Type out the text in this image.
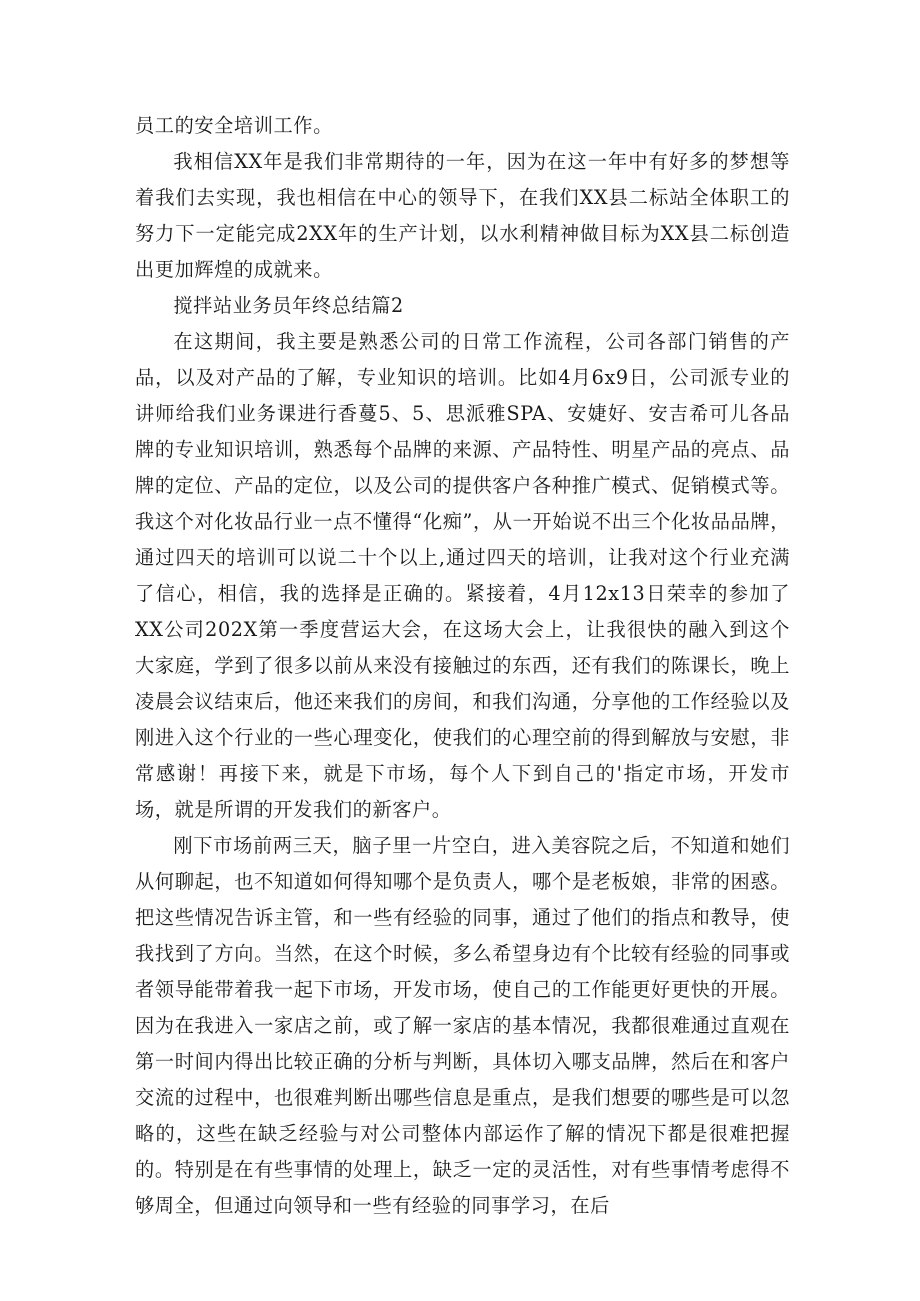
员工的安全培训工作。

我相信XX年是我们非常期待的一年，因为在这一年中有好多的梦想等着我们去实现，我也相信在中心的领导下，在我们XX县二标站全体职工的努力下一定能完成2XX年的生产计划，以水利精神做目标为XX县二标创造出更加辉煌的成就来。

搅拌站业务员年终总结篇2

在这期间，我主要是熟悉公司的日常工作流程，公司各部门销售的产品，以及对产品的了解，专业知识的培训。比如4月6x9日，公司派专业的讲师给我们业务课进行香蔓5、5、思派雅SPA、安婕好、安吉希可儿各品牌的专业知识培训，熟悉每个品牌的来源、产品特性、明星产品的亮点、品牌的定位、产品的定位，以及公司的提供客户各种推广模式、促销模式等。我这个对化妆品行业一点不懂得“化痴”，从一开始说不出三个化妆品品牌，通过四天的培训可以说二十个以上,通过四天的培训，让我对这个行业充满了信心，相信，我的选择是正确的。紧接着，4月12x13日荣幸的参加了XX公司202X第一季度营运大会，在这场大会上，让我很快的融入到这个大家庭，学到了很多以前从来没有接触过的东西，还有我们的陈课长，晚上凌晨会议结束后，他还来我们的房间，和我们沟通，分享他的工作经验以及刚进入这个行业的一些心理变化，使我们的心理空前的得到解放与安慰，非常感谢！再接下来，就是下市场，每个人下到自己的'指定市场，开发市场，就是所谓的开发我们的新客户。

刚下市场前两三天，脑子里一片空白，进入美容院之后，不知道和她们从何聊起，也不知道如何得知哪个是负责人，哪个是老板娘，非常的困惑。把这些情况告诉主管，和一些有经验的同事，通过了他们的指点和教导，使我找到了方向。当然，在这个时候，多么希望身边有个比较有经验的同事或者领导能带着我一起下市场，开发市场，使自己的工作能更好更快的开展。因为在我进入一家店之前，或了解一家店的基本情况，我都很难通过直观在第一时间内得出比较正确的分析与判断，具体切入哪支品牌，然后在和客户交流的过程中，也很难判断出哪些信息是重点，是我们想要的哪些是可以忽略的，这些在缺乏经验与对公司整体内部运作了解的情况下都是很难把握的。特别是在有些事情的处理上，缺乏一定的灵活性，对有些事情考虑得不够周全，但通过向领导和一些有经验的同事学习，在后
